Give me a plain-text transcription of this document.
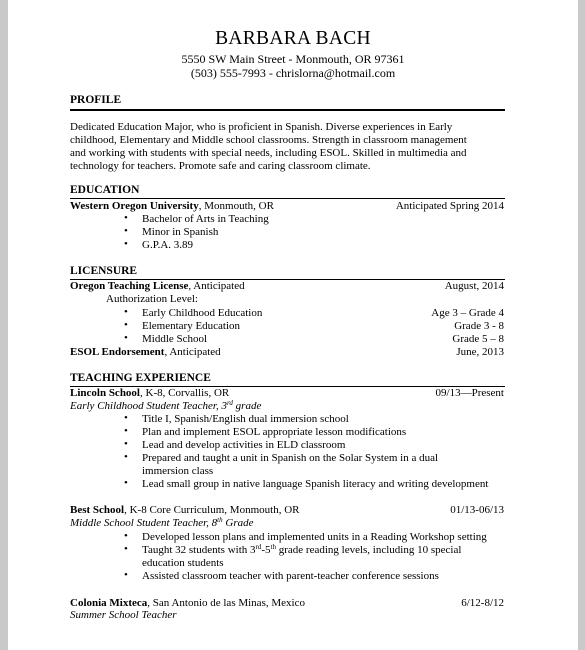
BARBARA BACH
5550 SW Main Street - Monmouth, OR 97361
(503) 555-7993 - chrislorna@hotmail.com
PROFILE
Dedicated Education Major, who is proficient in Spanish. Diverse experiences in Early childhood, Elementary and Middle school classrooms. Strength in classroom management and working with students with special needs, including ESOL. Skilled in multimedia and technology for teachers. Promote safe and caring classroom climate.
EDUCATION
Western Oregon University, Monmouth, OR	Anticipated Spring 2014
• Bachelor of Arts in Teaching
• Minor in Spanish
• G.P.A. 3.89
LICENSURE
Oregon Teaching License, Anticipated	August, 2014
Authorization Level:
• Early Childhood Education	Age 3 – Grade 4
• Elementary Education	Grade 3 - 8
• Middle School	Grade 5 – 8
ESOL Endorsement, Anticipated	June, 2013
TEACHING EXPERIENCE
Lincoln School, K-8, Corvallis, OR	09/13—Present
Early Childhood Student Teacher, 3rd grade
• Title I, Spanish/English dual immersion school
• Plan and implement ESOL appropriate lesson modifications
• Lead and develop activities in ELD classroom
• Prepared and taught a unit in Spanish on the Solar System in a dual immersion class
• Lead small group in native language Spanish literacy and writing development
Best School, K-8 Core Curriculum, Monmouth, OR	01/13-06/13
Middle School Student Teacher, 8th Grade
• Developed lesson plans and implemented units in a Reading Workshop setting
• Taught 32 students with 3rd-5th grade reading levels, including 10 special education students
• Assisted classroom teacher with parent-teacher conference sessions
Colonia Mixteca, San Antonio de las Minas, Mexico	6/12-8/12
Summer School Teacher
